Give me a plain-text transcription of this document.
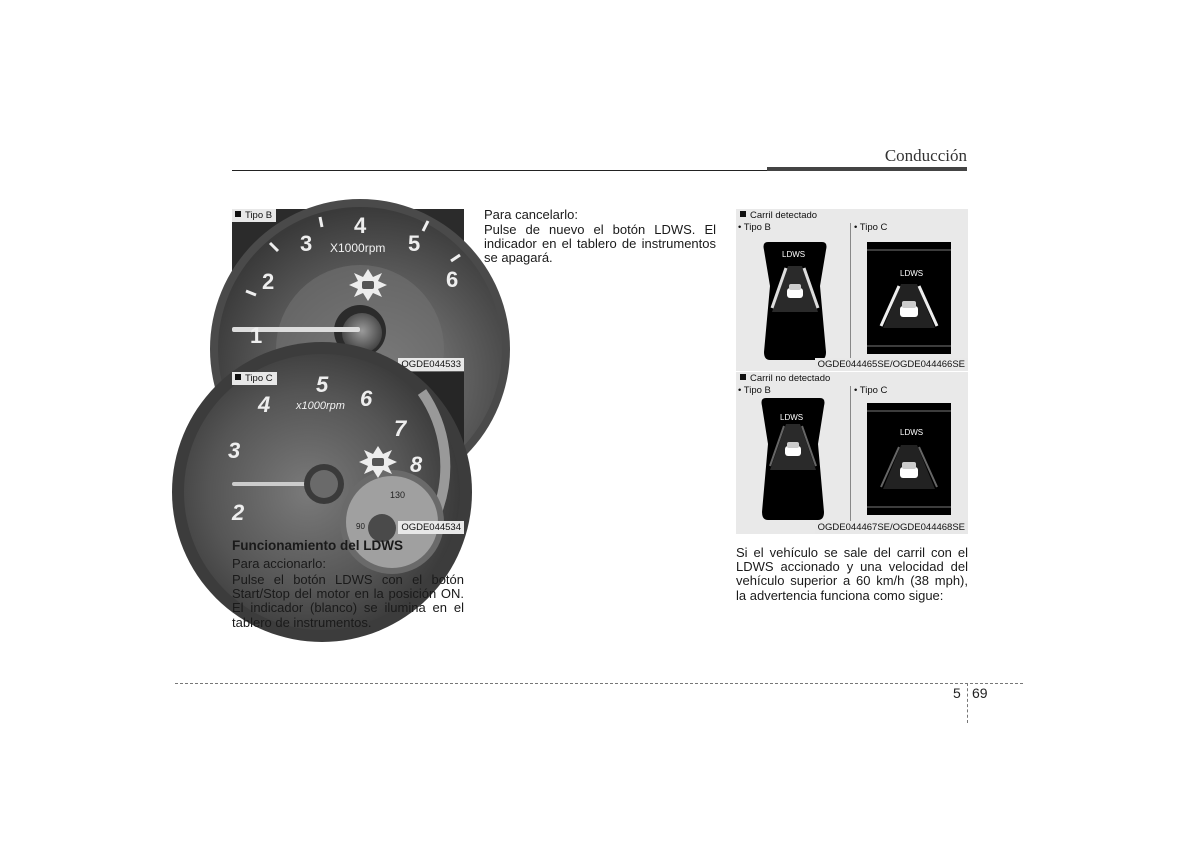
Conducción
1
2
3
4
5
6
X1000rpm
Tipo B
OGDE044533
2
3
4
5
6
7
8
x1000rpm
130
90
Tipo C
OGDE044534
Funcionamiento del LDWS
Para accionarlo:
Pulse el botón LDWS con el botón Start/Stop del motor en la posición ON. El indicador (blanco) se ilumina en el tablero de instrumentos.
Para cancelarlo:
Pulse de nuevo el botón LDWS. El indicador en el tablero de instrumentos se apagará.
Carril detectado
• Tipo B	• Tipo C
LDWS
LDWS
OGDE044465SE/OGDE044466SE
Carril no detectado
• Tipo B	• Tipo C
LDWS
LDWS
OGDE044467SE/OGDE044468SE
Si el vehículo se sale del carril con el LDWS accionado y una velocidad del vehículo superior a 60 km/h (38 mph), la advertencia funciona como sigue:
5 69
